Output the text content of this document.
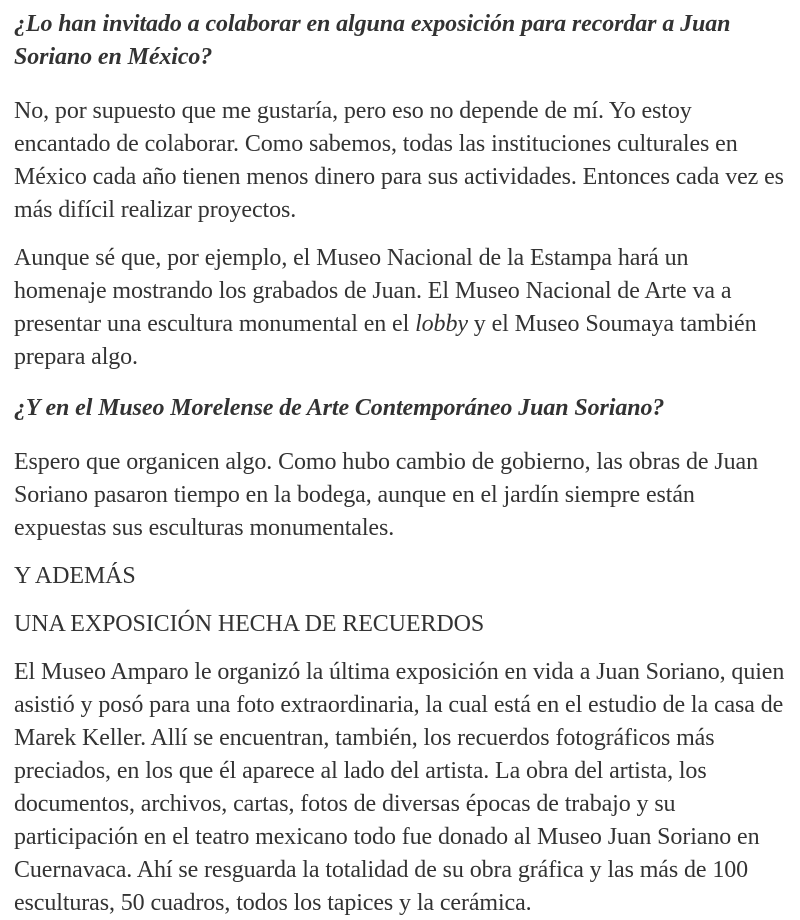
¿Lo han invitado a colaborar en alguna exposición para recordar a Juan Soriano en México?

No, por supuesto que me gustaría, pero eso no depende de mí. Yo estoy encantado de colaborar. Como sabemos, todas las instituciones culturales en México cada año tienen menos dinero para sus actividades. Entonces cada vez es más difícil realizar proyectos.

Aunque sé que, por ejemplo, el Museo Nacional de la Estampa hará un homenaje mostrando los grabados de Juan. El Museo Nacional de Arte va a presentar una escultura monumental en el lobby y el Museo Soumaya también prepara algo.

¿Y en el Museo Morelense de Arte Contemporáneo Juan Soriano?

Espero que organicen algo. Como hubo cambio de gobierno, las obras de Juan Soriano pasaron tiempo en la bodega, aunque en el jardín siempre están expuestas sus esculturas monumentales.

Y ADEMÁS

UNA EXPOSICIÓN HECHA DE RECUERDOS

El Museo Amparo le organizó la última exposición en vida a Juan Soriano, quien asistió y posó para una foto extraordinaria, la cual está en el estudio de la casa de Marek Keller. Allí se encuentran, también, los recuerdos fotográficos más preciados, en los que él aparece al lado del artista. La obra del artista, los documentos, archivos, cartas, fotos de diversas épocas de trabajo y su participación en el teatro mexicano todo fue donado al Museo Juan Soriano en Cuernavaca. Ahí se resguarda la totalidad de su obra gráfica y las más de 100 esculturas, 50 cuadros, todos los tapices y la cerámica.
